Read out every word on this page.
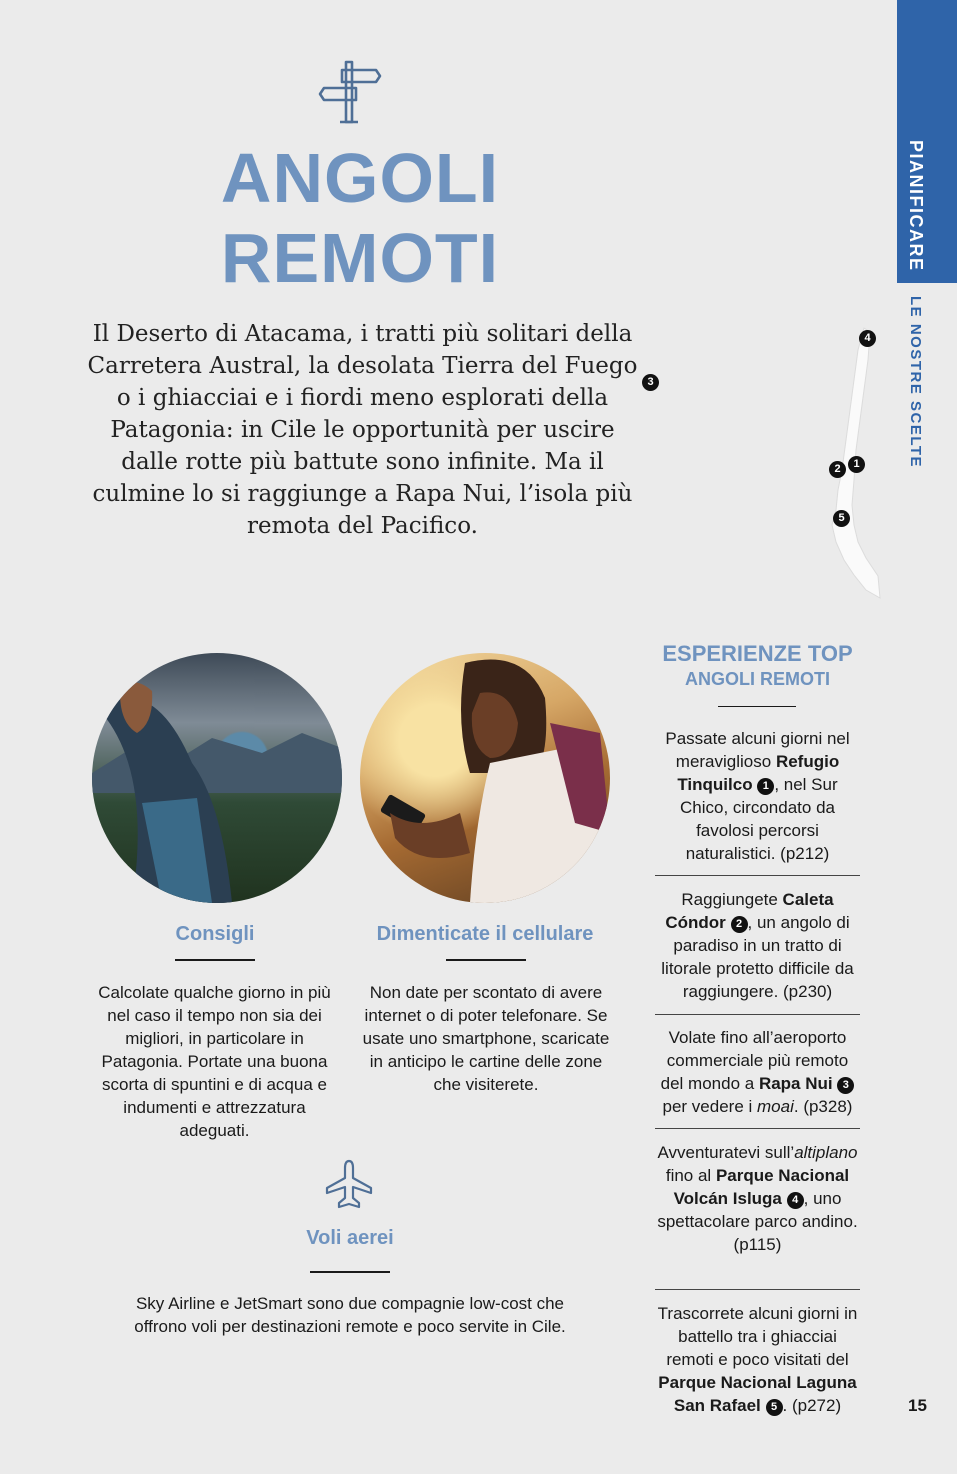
PIANIFICARE
LE NOSTRE SCELTE
ANGOLI
REMOTI
Il Deserto di Atacama, i tratti più solitari della Carretera Austral, la desolata Tierra del Fuego o i ghiacciai e i fiordi meno esplorati della Patagonia: in Cile le opportunità per uscire dalle rotte più battute sono infinite. Ma il culmine lo si raggiunge a Rapa Nui, l’isola più remota del Pacifico.
4
3
2	1
5
Consigli
Calcolate qualche giorno in più nel caso il tempo non sia dei migliori, in particolare in Patagonia. Portate una buona scorta di spuntini e di acqua e indumenti e attrezzatura adeguati.
Dimenticate il cellulare
Non date per scontato di avere internet o di poter telefonare. Se usate uno smartphone, scaricate in anticipo le cartine delle zone che visiterete.
Voli aerei
Sky Airline e JetSmart sono due compagnie low-cost che offrono voli per destinazioni remote e poco servite in Cile.
ESPERIENZE TOP
ANGOLI REMOTI
Passate alcuni giorni nel meraviglioso Refugio Tinquilco 1 , nel Sur Chico, circondato da favolosi percorsi naturalistici. (p212)
Raggiungete Caleta Cóndor 2 , un angolo di paradiso in un tratto di litorale protetto difficile da raggiungere. (p230)
Volate fino all’aeroporto commerciale più remoto del mondo a Rapa Nui 3 per vedere i moai. (p328)
Avventuratevi sull’altiplano fino al Parque Nacional Volcán Isluga 4 , uno spettacolare parco andino. (p115)
Trascorrete alcuni giorni in battello tra i ghiacciai remoti e poco visitati del Parque Nacional Laguna San Rafael 5 . (p272)	15
